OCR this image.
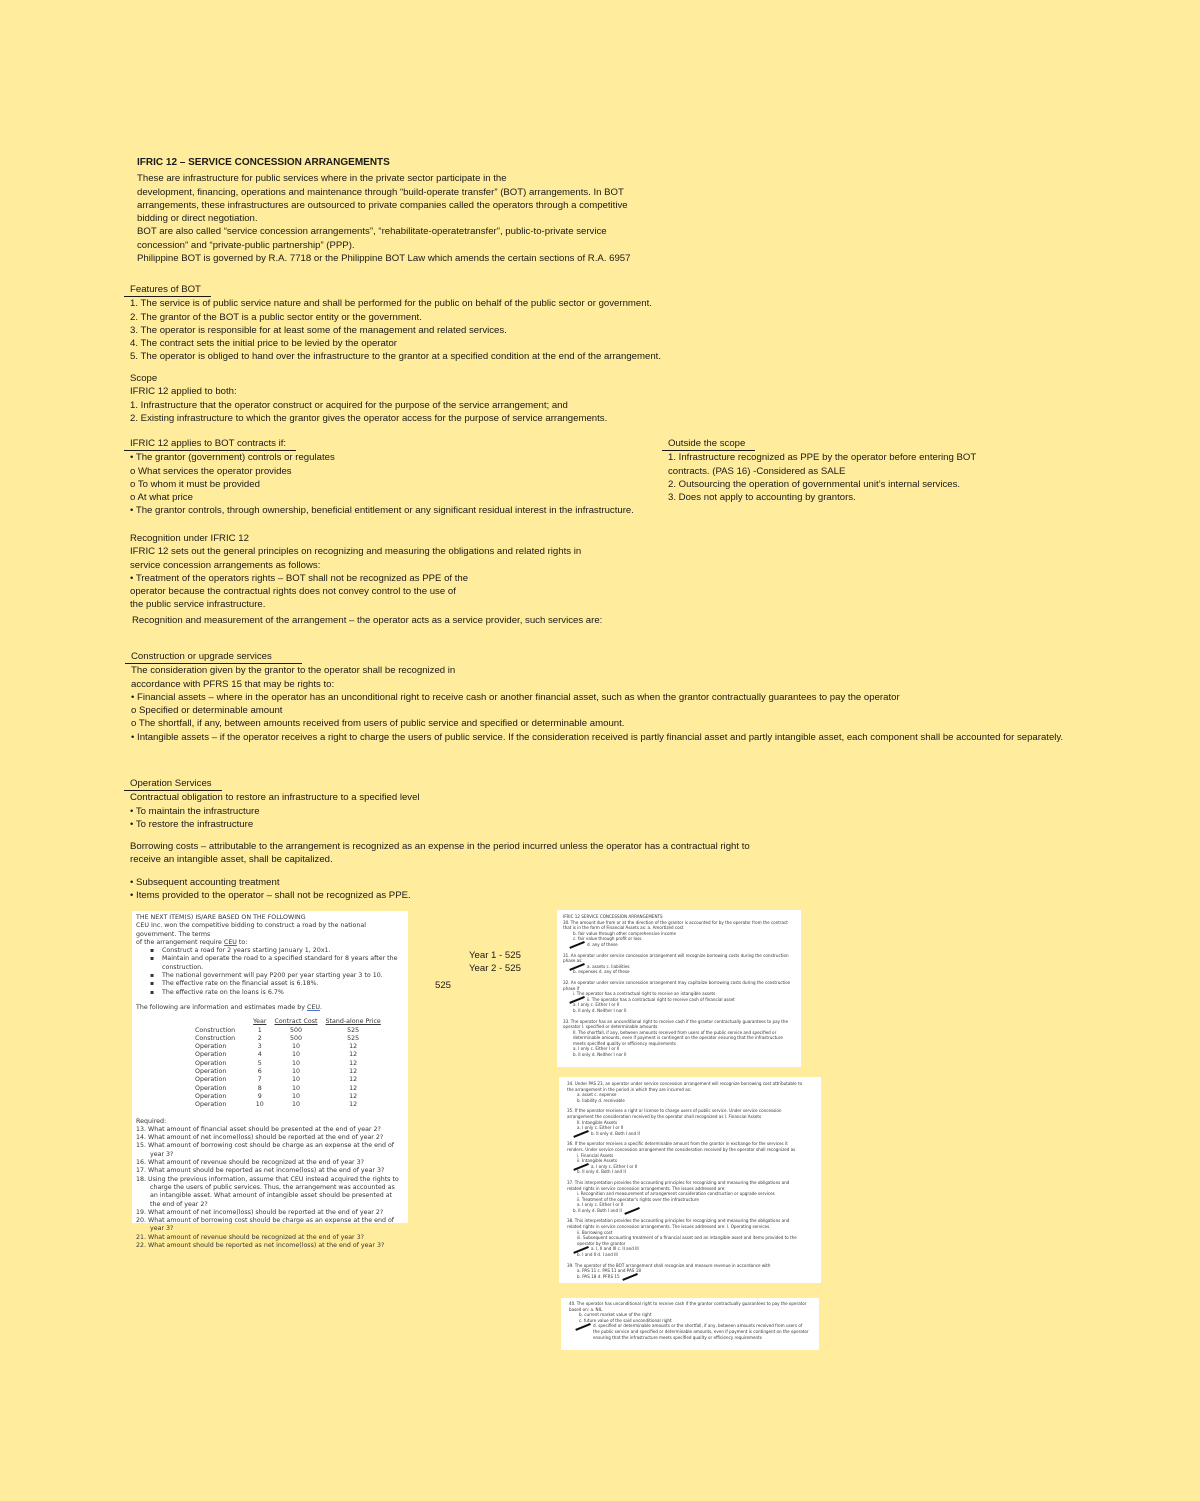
IFRIC 12 – SERVICE CONCESSION ARRANGEMENTS
These are infrastructure for public services where in the private sector participate in the
development, financing, operations and maintenance through “build-operate transfer” (BOT) arrangements. In BOT
arrangements, these infrastructures are outsourced to private companies called the operators through a competitive
bidding or direct negotiation.
BOT are also called “service concession arrangements”, “rehabilitate-operatetransfer”, public-to-private service
concession” and “private-public partnership” (PPP).
Philippine BOT is governed by R.A. 7718 or the Philippine BOT Law which amends the certain sections of R.A. 6957
Features of BOT
1. The service is of public service nature and shall be performed for the public on behalf of the public sector or government.
2. The grantor of the BOT is a public sector entity or the government.
3. The operator is responsible for at least some of the management and related services.
4. The contract sets the initial price to be levied by the operator
5. The operator is obliged to hand over the infrastructure to the grantor at a specified condition at the end of the arrangement.
Scope
IFRIC 12 applied to both:
1. Infrastructure that the operator construct or acquired for the purpose of the service arrangement; and
2. Existing infrastructure to which the grantor gives the operator access for the purpose of service arrangements.
IFRIC 12 applies to BOT contracts if:
• The grantor (government) controls or regulates
o What services the operator provides
o To whom it must be provided
o At what price
• The grantor controls, through ownership, beneficial entitlement or any significant residual interest in the infrastructure.
Outside the scope
1. Infrastructure recognized as PPE by the operator before entering BOT
contracts. (PAS 16) -Considered as SALE
2. Outsourcing the operation of governmental unit’s internal services.
3. Does not apply to accounting by grantors.
Recognition under IFRIC 12
IFRIC 12 sets out the general principles on recognizing and measuring the obligations and related rights in
service concession arrangements as follows:
• Treatment of the operators rights – BOT shall not be recognized as PPE of the
operator because the contractual rights does not convey control to the use of
the public service infrastructure.
Recognition and measurement of the arrangement – the operator acts as a service provider, such services are:
Construction or upgrade services
The consideration given by the grantor to the operator shall be recognized in
accordance with PFRS 15 that may be rights to:
• Financial assets – where in the operator has an unconditional right to receive cash or another financial asset, such as when the grantor contractually guarantees to pay the operator
o Specified or determinable amount
o The shortfall, if any, between amounts received from users of public service and specified or determinable amount.
• Intangible assets – if the operator receives a right to charge the users of public service. If the consideration received is partly financial asset and partly intangible asset, each component shall be accounted for separately.
Operation Services
Contractual obligation to restore an infrastructure to a specified level
• To maintain the infrastructure
• To restore the infrastructure
Borrowing costs – attributable to the arrangement is recognized as an expense in the period incurred unless the operator has a contractual right to
receive an intangible asset, shall be capitalized.
• Subsequent accounting treatment
• Items provided to the operator – shall not be recognized as PPE.
Year 1 - 525
Year 2 - 525
525
THE NEXT ITEM(S) IS/ARE BASED ON THE FOLLOWING
CEU Inc. won the competitive bidding to construct a road by the national government. The terms
of the arrangement require CEU to:
▪ Construct a road for 2 years starting January 1, 20x1.
▪ Maintain and operate the road to a specified standard for 8 years after the construction.
▪ The national government will pay P200 per year starting year 3 to 10.
▪ The effective rate on the financial asset is 6.18%.
▪ The effective rate on the loans is 6.7%
The following are information and estimates made by CEU.
	Year	Contract Cost	Stand-alone Price
Construction	1	500	525
Construction	2	500	525
Operation	3	10	12
Operation	4	10	12
Operation	5	10	12
Operation	6	10	12
Operation	7	10	12
Operation	8	10	12
Operation	9	10	12
Operation	10	10	12
Required:
13. What amount of financial asset should be presented at the end of year 2?
14. What amount of net income(loss) should be reported at the end of year 2?
15. What amount of borrowing cost should be charge as an expense at the end of year 3?
16. What amount of revenue should be recognized at the end of year 3?
17. What amount should be reported as net income(loss) at the end of year 3?
18. Using the previous information, assume that CEU instead acquired the rights to charge the users of public services. Thus, the arrangement was accounted as an intangible asset. What amount of intangible asset should be presented at the end of year 2?
19. What amount of net income(loss) should be reported at the end of year 2?
20. What amount of borrowing cost should be charge as an expense at the end of year 3?
21. What amount of revenue should be recognized at the end of year 3?
22. What amount should be reported as net income(loss) at the end of year 3?
IFRIC 12 SERVICE CONCESSION ARRANGEMENTS
30. The amount due from or at the direction of the grantor is accounted for by the operator from the contract that is in the form of Financial Assets as: a. Amortized cost
b. fair value through other comprehensive income
c. fair value through profit or loss
d. any of these
31. An operator under service concession arrangement will recognize borrowing costs during the construction phase as:
a. assets c. liabilities
b. expenses d. any of these
32. An operator under service concession arrangement may capitalize borrowing costs during the construction phase if
i. The operator has a contractual right to receive an intangible assets
ii. The operator has a contractual right to receive cash of financial asset
a. I only c. Either I or II
b. II only d. Neither I nor II
33. The operator has an unconditional right to receive cash if the grantor contractually guarantees to pay the operator I. specified or determinable amounts
II. The shortfall, if any, between amounts received from users of the public service and specified or determinable amounts, even if payment is contingent on the operator ensuring that the infrastructure meets specified quality or efficiency requirements
a. I only c. Either I or II
b. II only d. Neither I nor II
34. Under PAS 23, an operator under service concession arrangement will recognize borrowing cost attributable to the arrangement in the period in which they are incurred as:
a. asset c. expense
b. liability d. receivable
35. If the operator receives a right or license to charge users of public service. Under service concession arrangement the consideration received by the operator shall recognized as I. Financial Assets
II. Intangible Assets
a. I only c. Either I or II
b. II only d. Both I and II
36. If the operator receives a specific determinable amount from the grantor in exchange for the services it renders. Under service concession arrangement the consideration received by the operator shall recognized as
i. Financial Assets
ii. Intangible Assets
a. I only c. Either I or II
b. II only d. Both I and II
37. This interpretation provides the accounting principles for recognizing and measuring the obligations and related rights in service concession arrangements. The issues addressed are:
i. Recognition and measurement of arrangement consideration construction or upgrade services
ii. Treatment of the operator's rights over the infrastructure
a. I only c. Either I or II
b. II only d. Both I and II
38. This interpretation provides the accounting principles for recognizing and measuring the obligations and related rights in service concession arrangements. The issues addressed are: I. Operating services
ii. Borrowing cost
iii. Subsequent accounting treatment of a financial asset and an intangible asset and items provided to the operator by the grantor
a. I, II and III c. II and III
b. I and II d. I and III
39. The operator of the BOT arrangement shall recognize and measure revenue in accordance with
a. PAS 11 c. PAS 11 and PAS 18
b. PAS 18 d. PFRS 15
40. The operator has unconditional right to receive cash if the grantor contractually guarantees to pay the operator based on: a. NIL
b. current market value of the right
c. future value of the said unconditional right
d. specified or determinable amounts or the shortfall, if any, between amounts received from users of the public service and specified or determinable amounts, even if payment is contingent on the operator ensuring that the infrastructure meets specified quality or efficiency requirements
